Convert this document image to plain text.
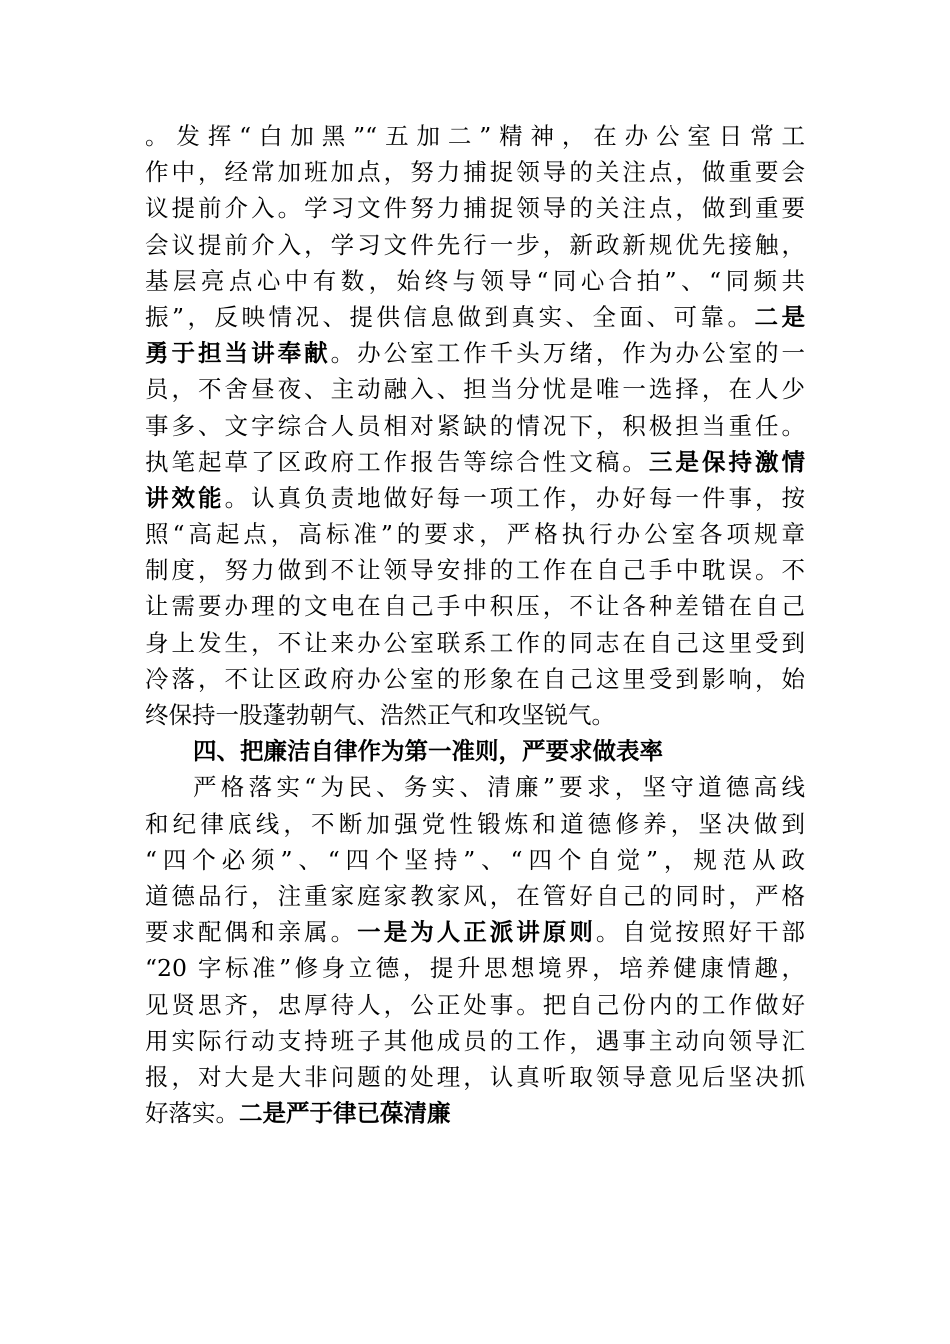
。发挥“白加黑”“五加二”精神，在办公室日常工
作中，经常加班加点，努力捕捉领导的关注点，做重要会
议提前介入。学习文件努力捕捉领导的关注点，做到重要
会议提前介入，学习文件先行一步，新政新规优先接触，
基层亮点心中有数，始终与领导“同心合拍”、“同频共
振”，反映情况、提供信息做到真实、全面、可靠。二是
勇于担当讲奉献。办公室工作千头万绪，作为办公室的一
员，不舍昼夜、主动融入、担当分忧是唯一选择，在人少
事多、文字综合人员相对紧缺的情况下，积极担当重任。
执笔起草了区政府工作报告等综合性文稿。三是保持激情
讲效能。认真负责地做好每一项工作，办好每一件事，按
照“高起点，高标准”的要求，严格执行办公室各项规章
制度，努力做到不让领导安排的工作在自己手中耽误。不
让需要办理的文电在自己手中积压，不让各种差错在自己
身上发生，不让来办公室联系工作的同志在自己这里受到
冷落，不让区政府办公室的形象在自己这里受到影响，始
终保持一股蓬勃朝气、浩然正气和攻坚锐气。
四、把廉洁自律作为第一准则，严要求做表率
严格落实“为民、务实、清廉”要求，坚守道德高线
和纪律底线，不断加强党性锻炼和道德修养，坚决做到
“四个必须”、“四个坚持”、“四个自觉”，规范从政
道德品行，注重家庭家教家风，在管好自己的同时，严格
要求配偶和亲属。一是为人正派讲原则。自觉按照好干部
“20 字标准”修身立德，提升思想境界，培养健康情趣，
见贤思齐，忠厚待人，公正处事。把自己份内的工作做好
用实际行动支持班子其他成员的工作，遇事主动向领导汇
报，对大是大非问题的处理，认真听取领导意见后坚决抓
好落实。二是严于律已葆清廉
